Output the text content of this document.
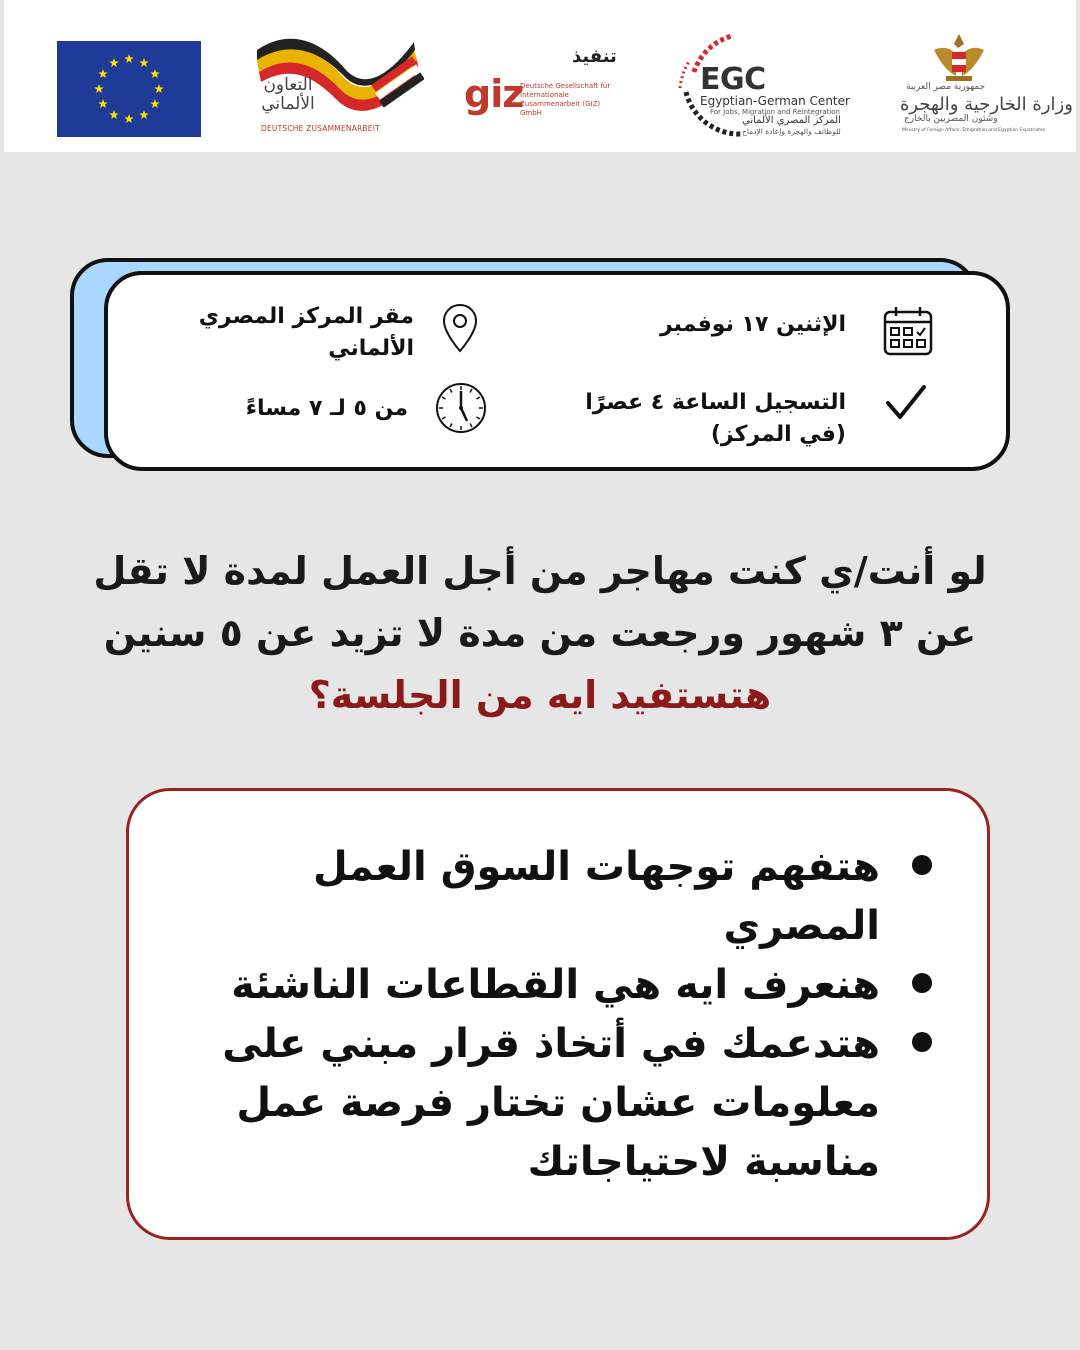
التعاون الألماني
DEUTSCHE ZUSAMMENARBEIT
تنفيذ
giz
Deutsche Gesellschaft für Internationale Zusammenarbeit (GIZ) GmbH
EGC
Egyptian-German Center
For Jobs, Migration and Reintegration
المركز المصري الألماني
للوظائف والهجرة وإعادة الإدماج
جمهورية مصر العربية
وزارة الخارجية والهجرة
وشئون المصريين بالخارج
Ministry of Foreign Affairs, Emigration and Egyptian Expatriates
الإثنين ١٧ نوفمبر
مقر المركز المصري الألماني
التسجيل الساعة ٤ عصرًا
(في المركز)
من ٥ لـ ٧ مساءً
لو أنت/ي كنت مهاجر من أجل العمل لمدة لا تقل
عن ٣ شهور ورجعت من مدة لا تزيد عن ٥ سنين
هتستفيد ايه من الجلسة؟
هتفهم توجهات السوق العمل المصري
هنعرف ايه هي القطاعات الناشئة
هتدعمك في أتخاذ قرار مبني على معلومات عشان تختار فرصة عمل مناسبة لاحتياجاتك
